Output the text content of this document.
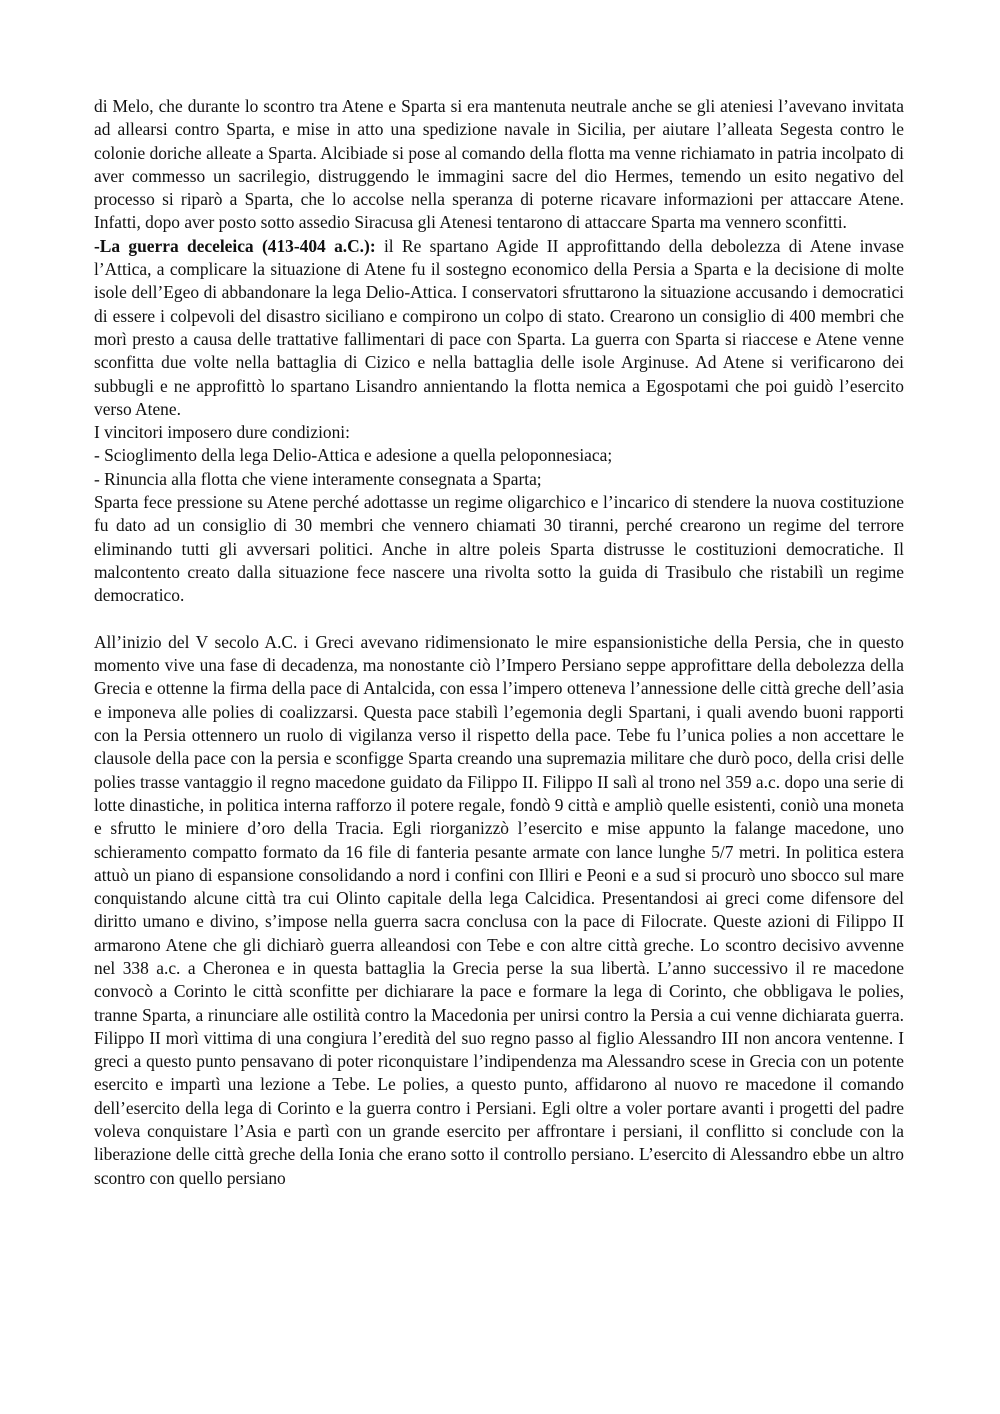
di Melo, che durante lo scontro tra Atene e Sparta si era mantenuta neutrale anche se gli ateniesi l’avevano invitata ad allearsi contro Sparta, e mise in atto una spedizione navale in Sicilia, per aiutare l’alleata Segesta contro le colonie doriche alleate a Sparta. Alcibiade si pose al comando della flotta ma venne richiamato in patria incolpato di aver commesso un sacrilegio, distruggendo le immagini sacre del dio Hermes, temendo un esito negativo del processo si riparò a Sparta, che lo accolse nella speranza di poterne ricavare informazioni per attaccare Atene. Infatti, dopo aver posto sotto assedio Siracusa gli Atenesi tentarono di attaccare Sparta ma vennero sconfitti.

-La guerra deceleica (413-404 a.C.): il Re spartano Agide II approfittando della debolezza di Atene invase l’Attica, a complicare la situazione di Atene fu il sostegno economico della Persia a Sparta e la decisione di molte isole dell’Egeo di abbandonare la lega Delio-Attica. I conservatori sfruttarono la situazione accusando i democratici di essere i colpevoli del disastro siciliano e compirono un colpo di stato. Crearono un consiglio di 400 membri che morì presto a causa delle trattative fallimentari di pace con Sparta. La guerra con Sparta si riaccese e Atene venne sconfitta due volte nella battaglia di Cizico e nella battaglia delle isole Arginuse. Ad Atene si verificarono dei subbugli e ne approfittò lo spartano Lisandro annientando la flotta nemica a Egospotami che poi guidò l’esercito verso Atene.

I vincitori imposero dure condizioni:

- Scioglimento della lega Delio-Attica e adesione a quella peloponnesiaca;

- Rinuncia alla flotta che viene interamente consegnata a Sparta;

Sparta fece pressione su Atene perché adottasse un regime oligarchico e l’incarico di stendere la nuova costituzione fu dato ad un consiglio di 30 membri che vennero chiamati 30 tiranni, perché crearono un regime del terrore eliminando tutti gli avversari politici. Anche in altre poleis Sparta distrusse le costituzioni democratiche. Il malcontento creato dalla situazione fece nascere una rivolta sotto la guida di Trasibulo che ristabilì un regime democratico.

All’inizio del V secolo A.C. i Greci avevano ridimensionato le mire espansionistiche della Persia, che in questo momento vive una fase di decadenza, ma nonostante ciò l’Impero Persiano seppe approfittare della debolezza della Grecia e ottenne la firma della pace di Antalcida, con essa l’impero otteneva l’annessione delle città greche dell’asia e imponeva alle polies di coalizzarsi. Questa pace stabilì l’egemonia degli Spartani, i quali avendo buoni rapporti con la Persia ottennero un ruolo di vigilanza verso il rispetto della pace. Tebe fu l’unica polies a non accettare le clausole della pace con la persia e sconfigge Sparta creando una supremazia militare che durò poco, della crisi delle polies trasse vantaggio il regno macedone guidato da Filippo II. Filippo II salì al trono nel 359 a.c. dopo una serie di lotte dinastiche, in politica interna rafforzo il potere regale, fondò 9 città e ampliò quelle esistenti, coniò una moneta e sfrutto le miniere d’oro della Tracia. Egli riorganizzò l’esercito e mise appunto la falange macedone, uno schieramento compatto formato da 16 file di fanteria pesante armate con lance lunghe 5/7 metri. In politica estera attuò un piano di espansione consolidando a nord i confini con Illiri e Peoni e a sud si procurò uno sbocco sul mare conquistando alcune città tra cui Olinto capitale della lega Calcidica. Presentandosi ai greci come difensore del diritto umano e divino, s’impose nella guerra sacra conclusa con la pace di Filocrate. Queste azioni di Filippo II armarono Atene che gli dichiarò guerra alleandosi con Tebe e con altre città greche. Lo scontro decisivo avvenne nel 338 a.c. a Cheronea e in questa battaglia la Grecia perse la sua libertà. L’anno successivo il re macedone convocò a Corinto le città sconfitte per dichiarare la pace e formare la lega di Corinto, che obbligava le polies, tranne Sparta, a rinunciare alle ostilità contro la Macedonia per unirsi contro la Persia a cui venne dichiarata guerra. Filippo II morì vittima di una congiura l’eredità del suo regno passo al figlio Alessandro III non ancora ventenne. I greci a questo punto pensavano di poter riconquistare l’indipendenza ma Alessandro scese in Grecia con un potente esercito e impartì una lezione a Tebe. Le polies, a questo punto, affidarono al nuovo re macedone il comando dell’esercito della lega di Corinto e la guerra contro i Persiani. Egli oltre a voler portare avanti i progetti del padre voleva conquistare l’Asia e partì con un grande esercito per affrontare i persiani, il conflitto si conclude con la liberazione delle città greche della Ionia che erano sotto il controllo persiano. L’esercito di Alessandro ebbe un altro scontro con quello persiano
